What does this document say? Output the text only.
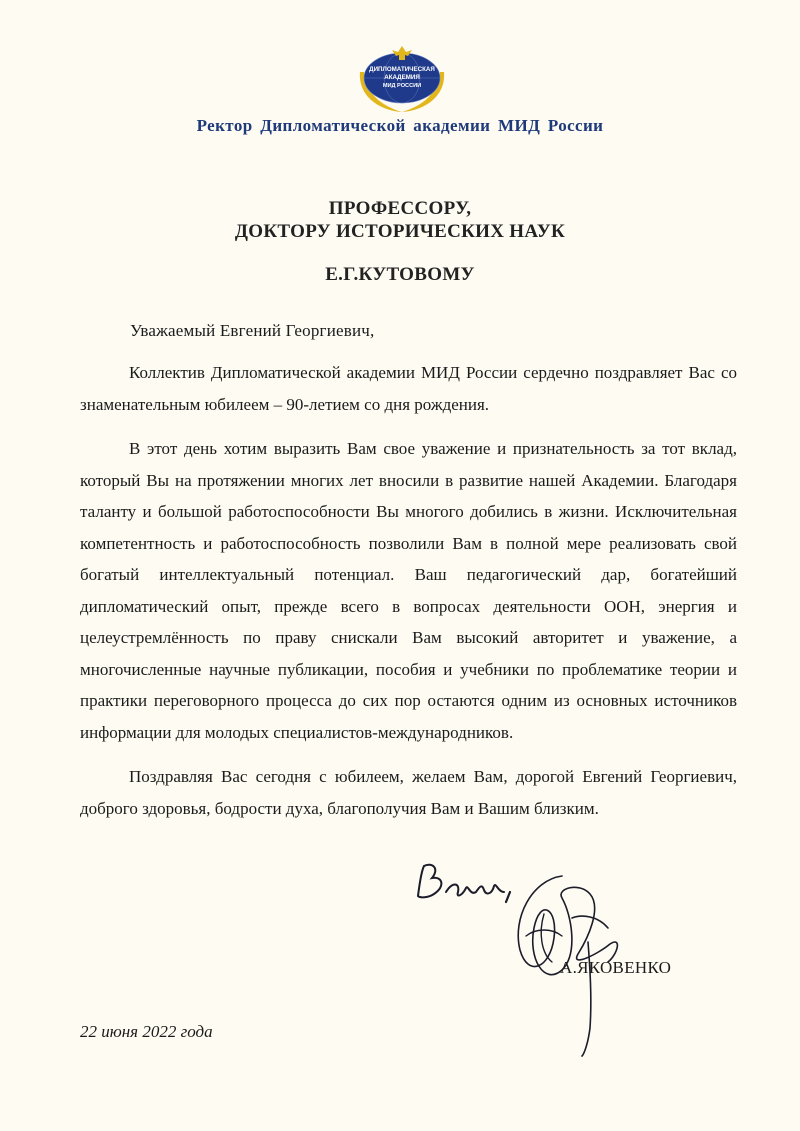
ДИПЛОМАТИЧЕСКАЯ
АКАДЕМИЯ
МИД РОССИИ
Ректор Дипломатической академии МИД России
ПРОФЕССОРУ,
ДОКТОРУ ИСТОРИЧЕСКИХ НАУК
Е.Г.КУТОВОМУ
Уважаемый Евгений Георгиевич,

Коллектив Дипломатической академии МИД России сердечно поздравляет Вас со знаменательным юбилеем – 90-летием со дня рождения.

В этот день хотим выразить Вам свое уважение и признательность за тот вклад, который Вы на протяжении многих лет вносили в развитие нашей Академии. Благодаря таланту и большой работоспособности Вы многого добились в жизни. Исключительная компетентность и работоспособность позволили Вам в полной мере реализовать свой богатый интеллектуальный потенциал. Ваш педагогический дар, богатейший дипломатический опыт, прежде всего в вопросах деятельности ООН, энергия и целеустремлённость по праву снискали Вам высокий авторитет и уважение, а многочисленные научные публикации, пособия и учебники по проблематике теории и практики переговорного процесса до сих пор остаются одним из основных источников информации для молодых специалистов-международников.

Поздравляя Вас сегодня с юбилеем, желаем Вам, дорогой Евгений Георгиевич, доброго здоровья, бодрости духа, благополучия Вам и Вашим близким.

А.ЯКОВЕНКО
22 июня 2022 года
